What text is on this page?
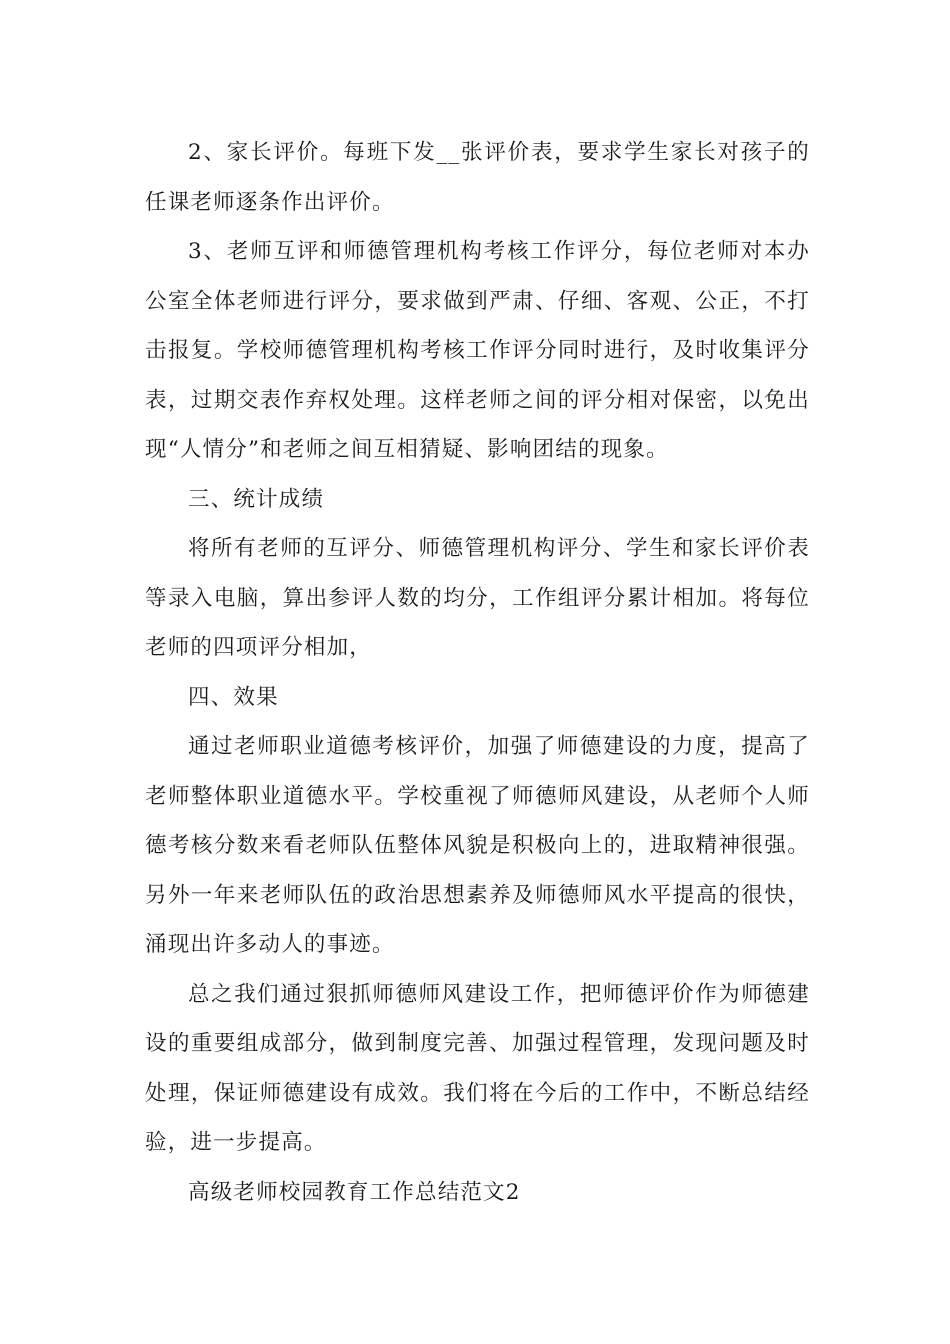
2、家长评价。每班下发__张评价表，要求学生家长对孩子的任课老师逐条作出评价。

3、老师互评和师德管理机构考核工作评分，每位老师对本办公室全体老师进行评分，要求做到严肃、仔细、客观、公正，不打击报复。学校师德管理机构考核工作评分同时进行，及时收集评分表，过期交表作弃权处理。这样老师之间的评分相对保密，以免出现“人情分”和老师之间互相猜疑、影响团结的现象。

三、统计成绩

将所有老师的互评分、师德管理机构评分、学生和家长评价表等录入电脑，算出参评人数的均分，工作组评分累计相加。将每位老师的四项评分相加，

四、效果

通过老师职业道德考核评价，加强了师德建设的力度，提高了老师整体职业道德水平。学校重视了师德师风建设，从老师个人师德考核分数来看老师队伍整体风貌是积极向上的，进取精神很强。另外一年来老师队伍的政治思想素养及师德师风水平提高的很快，涌现出许多动人的事迹。

总之我们通过狠抓师德师风建设工作，把师德评价作为师德建设的重要组成部分，做到制度完善、加强过程管理，发现问题及时处理，保证师德建设有成效。我们将在今后的工作中，不断总结经验，进一步提高。

高级老师校园教育工作总结范文2
